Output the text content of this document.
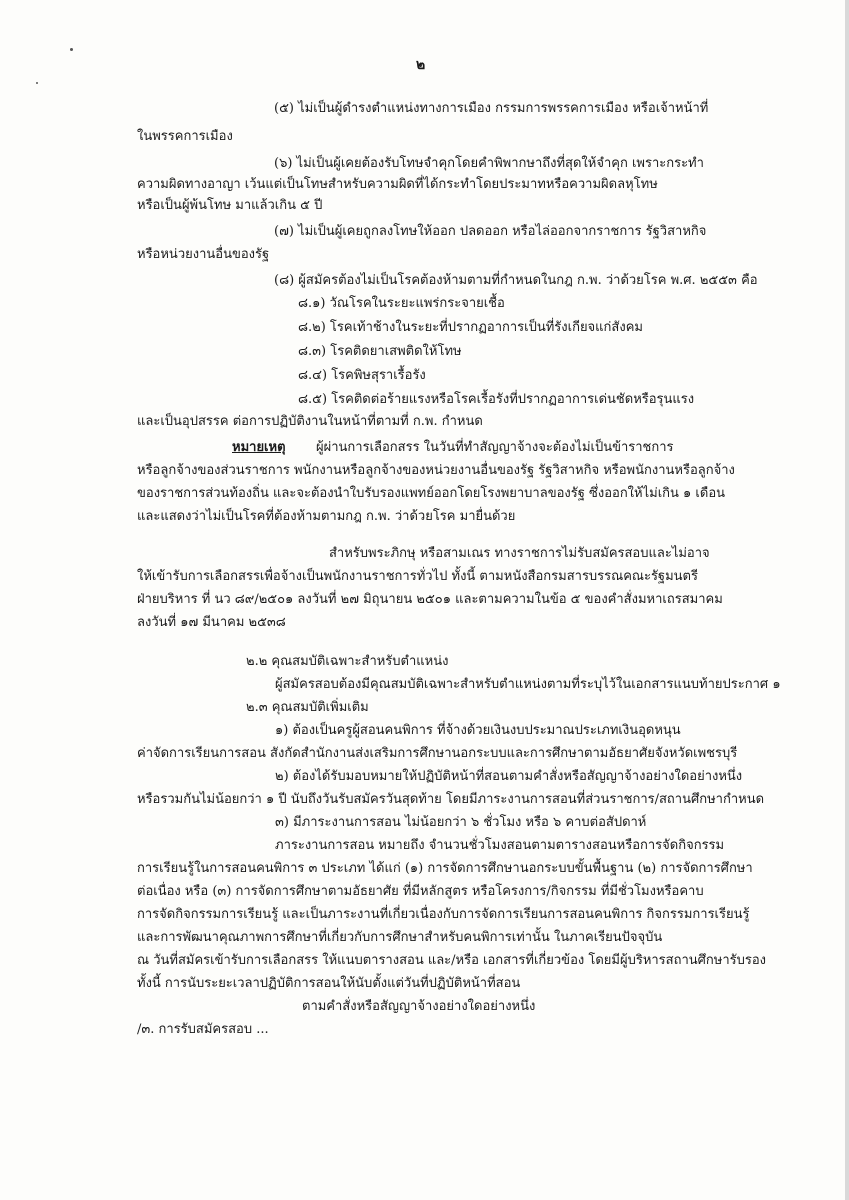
๒
(๕) ไม่เป็นผู้ดำรงตำแหน่งทางการเมือง กรรมการพรรคการเมือง หรือเจ้าหน้าที่
ในพรรคการเมือง
(๖) ไม่เป็นผู้เคยต้องรับโทษจำคุกโดยคำพิพากษาถึงที่สุดให้จำคุก เพราะกระทำ
ความผิดทางอาญา เว้นแต่เป็นโทษสำหรับความผิดที่ได้กระทำโดยประมาทหรือความผิดลหุโทษ
หรือเป็นผู้พ้นโทษ มาแล้วเกิน ๕ ปี
(๗) ไม่เป็นผู้เคยถูกลงโทษให้ออก ปลดออก หรือไล่ออกจากราชการ รัฐวิสาหกิจ
หรือหน่วยงานอื่นของรัฐ
(๘) ผู้สมัครต้องไม่เป็นโรคต้องห้ามตามที่กำหนดในกฎ ก.พ. ว่าด้วยโรค พ.ศ. ๒๕๕๓ คือ
๘.๑) วัณโรคในระยะแพร่กระจายเชื้อ
๘.๒) โรคเท้าช้างในระยะที่ปรากฏอาการเป็นที่รังเกียจแก่สังคม
๘.๓) โรคติดยาเสพติดให้โทษ
๘.๔) โรคพิษสุราเรื้อรัง
๘.๕) โรคติดต่อร้ายแรงหรือโรคเรื้อรังที่ปรากฏอาการเด่นชัดหรือรุนแรง
และเป็นอุปสรรค ต่อการปฏิบัติงานในหน้าที่ตามที่ ก.พ. กำหนด
หมายเหตุ ผู้ผ่านการเลือกสรร ในวันที่ทำสัญญาจ้างจะต้องไม่เป็นข้าราชการ
หรือลูกจ้างของส่วนราชการ พนักงานหรือลูกจ้างของหน่วยงานอื่นของรัฐ รัฐวิสาหกิจ หรือพนักงานหรือลูกจ้าง
ของราชการส่วนท้องถิ่น และจะต้องนำใบรับรองแพทย์ออกโดยโรงพยาบาลของรัฐ ซึ่งออกให้ไม่เกิน ๑ เดือน
และแสดงว่าไม่เป็นโรคที่ต้องห้ามตามกฎ ก.พ. ว่าด้วยโรค มายื่นด้วย
สำหรับพระภิกษุ หรือสามเณร ทางราชการไม่รับสมัครสอบและไม่อาจ
ให้เข้ารับการเลือกสรรเพื่อจ้างเป็นพนักงานราชการทั่วไป ทั้งนี้ ตามหนังสือกรมสารบรรณคณะรัฐมนตรี
ฝ่ายบริหาร ที่ นว ๘๙/๒๕๐๑ ลงวันที่ ๒๗ มิถุนายน ๒๕๐๑ และตามความในข้อ ๕ ของคำสั่งมหาเถรสมาคม
ลงวันที่ ๑๗ มีนาคม ๒๕๓๘
๒.๒ คุณสมบัติเฉพาะสำหรับตำแหน่ง
ผู้สมัครสอบต้องมีคุณสมบัติเฉพาะสำหรับตำแหน่งตามที่ระบุไว้ในเอกสารแนบท้ายประกาศ ๑
๒.๓ คุณสมบัติเพิ่มเติม
๑) ต้องเป็นครูผู้สอนคนพิการ ที่จ้างด้วยเงินงบประมาณประเภทเงินอุดหนุน
ค่าจัดการเรียนการสอน สังกัดสำนักงานส่งเสริมการศึกษานอกระบบและการศึกษาตามอัธยาศัยจังหวัดเพชรบุรี
๒) ต้องได้รับมอบหมายให้ปฏิบัติหน้าที่สอนตามคำสั่งหรือสัญญาจ้างอย่างใดอย่างหนึ่ง
หรือรวมกันไม่น้อยกว่า ๑ ปี นับถึงวันรับสมัครวันสุดท้าย โดยมีภาระงานการสอนที่ส่วนราชการ/สถานศึกษากำหนด
๓) มีภาระงานการสอน ไม่น้อยกว่า ๖ ชั่วโมง หรือ ๖ คาบต่อสัปดาห์
ภาระงานการสอน หมายถึง จำนวนชั่วโมงสอนตามตารางสอนหรือการจัดกิจกรรม
การเรียนรู้ในการสอนคนพิการ ๓ ประเภท ได้แก่ (๑) การจัดการศึกษานอกระบบขั้นพื้นฐาน (๒) การจัดการศึกษา
ต่อเนื่อง หรือ (๓) การจัดการศึกษาตามอัธยาศัย ที่มีหลักสูตร หรือโครงการ/กิจกรรม ที่มีชั่วโมงหรือคาบ
การจัดกิจกรรมการเรียนรู้ และเป็นภาระงานที่เกี่ยวเนื่องกับการจัดการเรียนการสอนคนพิการ กิจกรรมการเรียนรู้
และการพัฒนาคุณภาพการศึกษาที่เกี่ยวกับการศึกษาสำหรับคนพิการเท่านั้น ในภาคเรียนปัจจุบัน
ณ วันที่สมัครเข้ารับการเลือกสรร ให้แนบตารางสอน และ/หรือ เอกสารที่เกี่ยวข้อง โดยมีผู้บริหารสถานศึกษารับรอง
ทั้งนี้ การนับระยะเวลาปฏิบัติการสอนให้นับตั้งแต่วันที่ปฏิบัติหน้าที่สอน
ตามคำสั่งหรือสัญญาจ้างอย่างใดอย่างหนึ่ง
/๓. การรับสมัครสอบ ...
